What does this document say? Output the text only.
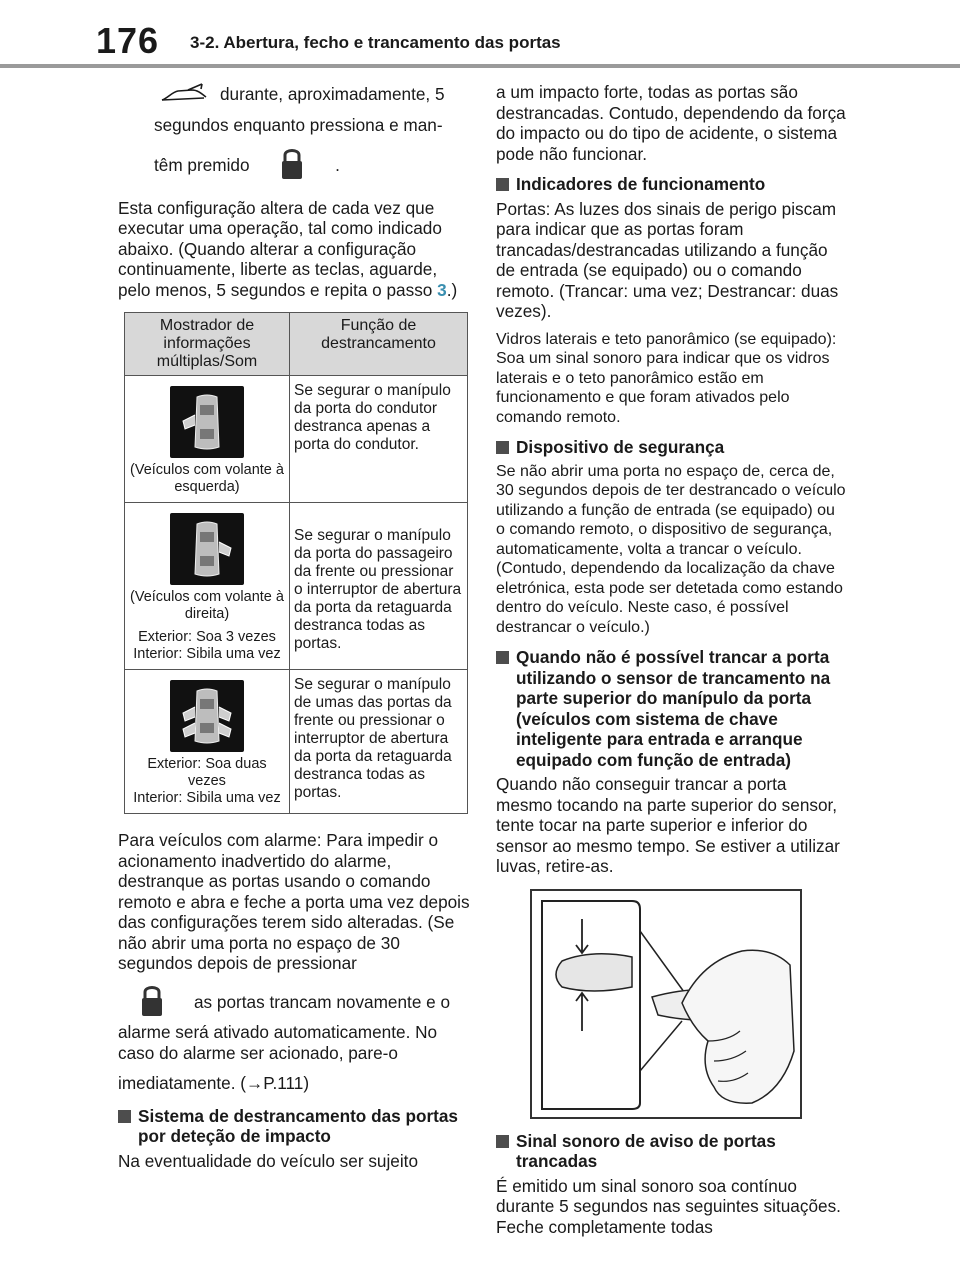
176 3-2. Abertura, fecho e trancamento das portas

durante, aproximadamente, 5

segundos enquanto pressiona e man-

têm premido	.

Esta configuração altera de cada vez que executar uma operação, tal como indicado abaixo. (Quando alterar a configuração continuamente, liberte as teclas, aguarde, pelo menos, 5 segundos e repita o passo 3.)

Mostrador de informações múltiplas/Som	Função de destrancamento

(Veículos com volante à esquerda)	Se segurar o manípulo da porta do condutor destranca apenas a porta do condutor.

(Veículos com volante à direita)
Exterior: Soa 3 vezes
Interior: Sibila uma vez	Se segurar o manípulo da porta do passageiro da frente ou pressionar o interruptor de abertura da porta da retaguarda destranca todas as portas.

Exterior: Soa duas vezes
Interior: Sibila uma vez	Se segurar o manípulo de umas das portas da frente ou pressionar o interruptor de abertura da porta da retaguarda destranca todas as portas.

Para veículos com alarme: Para impedir o acionamento inadvertido do alarme, destranque as portas usando o comando remoto e abra e feche a porta uma vez depois das configurações terem sido alteradas. (Se não abrir uma porta no espaço de 30 segundos depois de pressionar

as portas trancam novamente e o alarme será ativado automaticamente. No caso do alarme ser acionado, pare-o

imediatamente. (→P.111)

Sistema de destrancamento das portas por deteção de impacto

Na eventualidade do veículo ser sujeito

a um impacto forte, todas as portas são destrancadas. Contudo, dependendo da força do impacto ou do tipo de acidente, o sistema pode não funcionar.

Indicadores de funcionamento

Portas: As luzes dos sinais de perigo piscam para indicar que as portas foram trancadas/destrancadas utilizando a função de entrada (se equipado) ou o comando remoto. (Trancar: uma vez; Destrancar: duas vezes).

Vidros laterais e teto panorâmico (se equipado): Soa um sinal sonoro para indicar que os vidros laterais e o teto panorâmico estão em funcionamento e que foram ativados pelo comando remoto.

Dispositivo de segurança

Se não abrir uma porta no espaço de, cerca de, 30 segundos depois de ter destrancado o veículo utilizando a função de entrada (se equipado) ou o comando remoto, o dispositivo de segurança, automaticamente, volta a trancar o veículo. (Contudo, dependendo da localização da chave eletrónica, esta pode ser detetada como estando dentro do veículo. Neste caso, é possível destrancar o veículo.)

Quando não é possível trancar a porta utilizando o sensor de trancamento na parte superior do manípulo da porta (veículos com sistema de chave inteligente para entrada e arranque equipado com função de entrada)

Quando não conseguir trancar a porta mesmo tocando na parte superior do sensor, tente tocar na parte superior e inferior do sensor ao mesmo tempo. Se estiver a utilizar luvas, retire-as.

Sinal sonoro de aviso de portas trancadas

É emitido um sinal sonoro soa contínuo durante 5 segundos nas seguintes situações. Feche completamente todas
